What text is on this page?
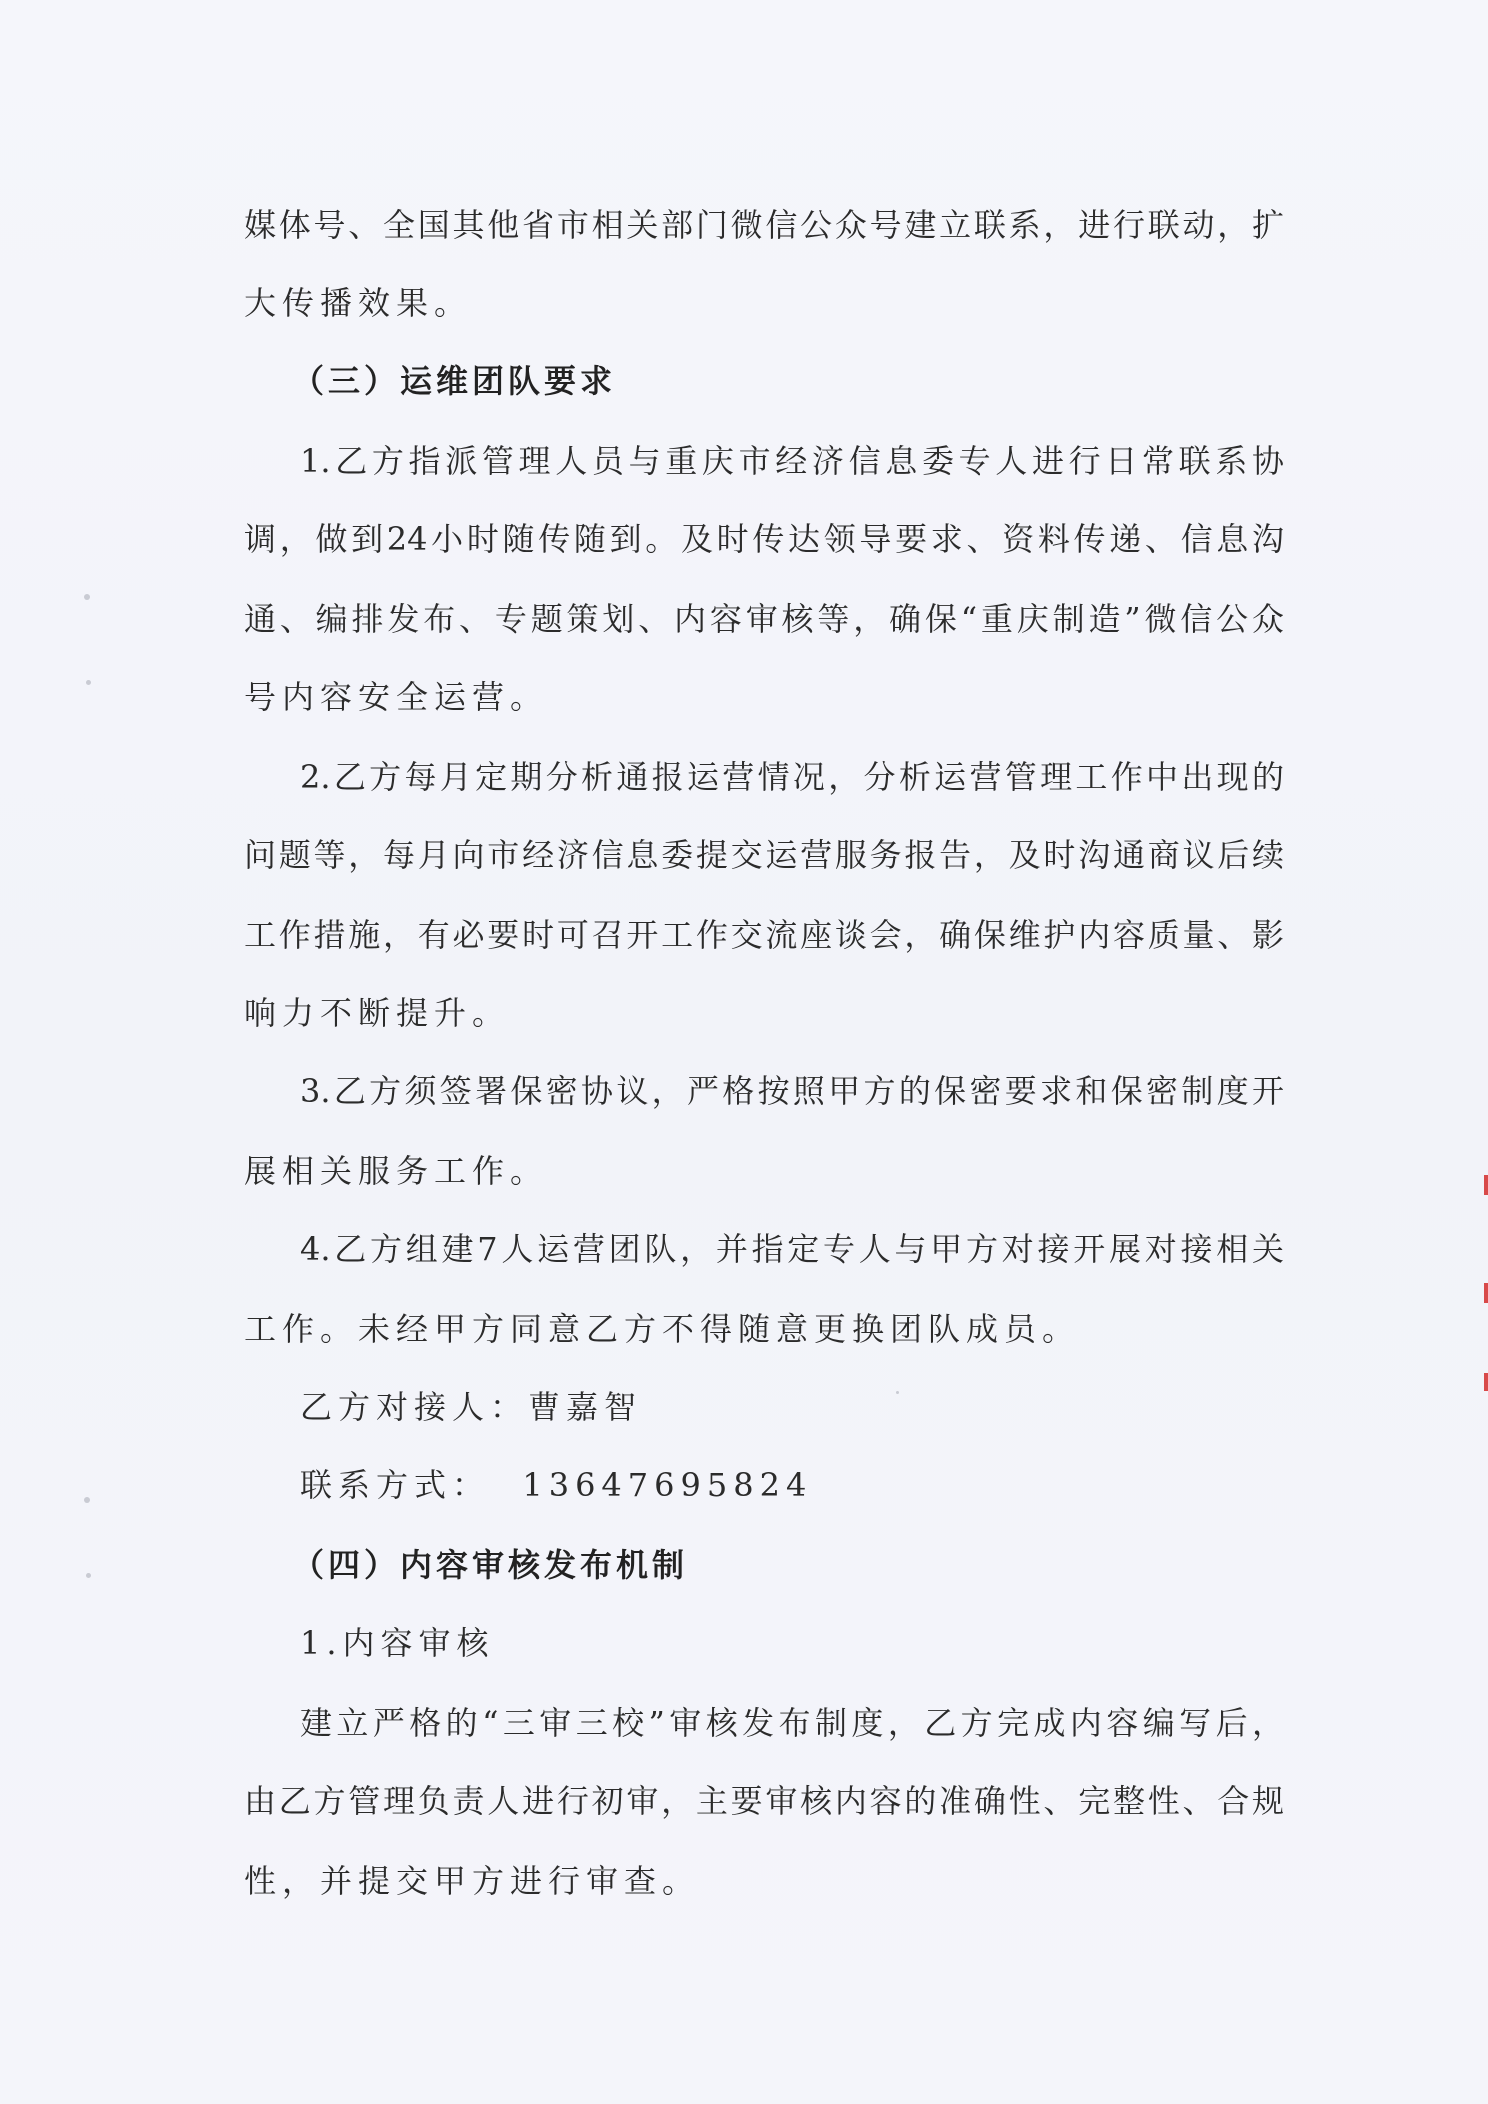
媒体号、全国其他省市相关部门微信公众号建立联系，进行联动，扩
大传播效果。
（三）运维团队要求
1.乙方指派管理人员与重庆市经济信息委专人进行日常联系协
调，做到24小时随传随到。及时传达领导要求、资料传递、信息沟
通、编排发布、专题策划、内容审核等，确保“重庆制造”微信公众
号内容安全运营。
2.乙方每月定期分析通报运营情况，分析运营管理工作中出现的
问题等，每月向市经济信息委提交运营服务报告，及时沟通商议后续
工作措施，有必要时可召开工作交流座谈会，确保维护内容质量、影
响力不断提升。
3.乙方须签署保密协议，严格按照甲方的保密要求和保密制度开
展相关服务工作。
4.乙方组建7人运营团队，并指定专人与甲方对接开展对接相关
工作。未经甲方同意乙方不得随意更换团队成员。
乙方对接人：曹嘉智
联系方式：  13647695824
（四）内容审核发布机制
1.内容审核
建立严格的“三审三校”审核发布制度，乙方完成内容编写后，
由乙方管理负责人进行初审，主要审核内容的准确性、完整性、合规
性，并提交甲方进行审查。
